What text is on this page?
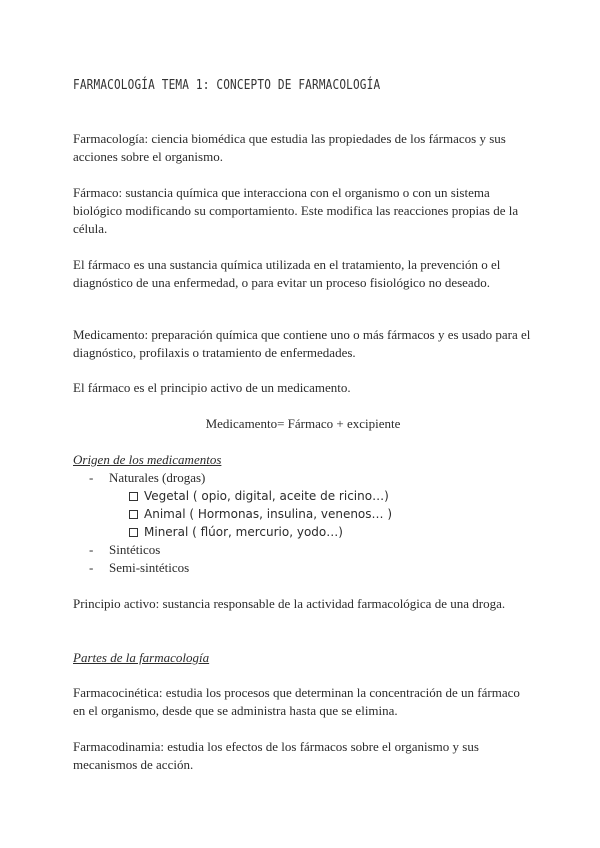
FARMACOLOGÍA TEMA 1: CONCEPTO DE FARMACOLOGÍA

Farmacología: ciencia biomédica que estudia las propiedades de los fármacos y sus acciones sobre el organismo.

Fármaco: sustancia química que interacciona con el organismo o con un sistema biológico modificando su comportamiento. Este modifica las reacciones propias de la célula.

El fármaco es una sustancia química utilizada en el tratamiento, la prevención o el diagnóstico de una enfermedad, o para evitar un proceso fisiológico no deseado.

Medicamento: preparación química que contiene uno o más fármacos y es usado para el diagnóstico, profilaxis o tratamiento de enfermedades.

El fármaco es el principio activo de un medicamento.

Medicamento= Fármaco + excipiente
Origen de los medicamentos
- Naturales (drogas)
Vegetal ( opio, digital, aceite de ricino…)
Animal ( Hormonas, insulina, venenos… )
Mineral ( flúor, mercurio, yodo…)
- Sintéticos
- Semi-sintéticos

Principio activo: sustancia responsable de la actividad farmacológica de una droga.

Partes de la farmacología

Farmacocinética: estudia los procesos que determinan la concentración de un fármaco en el organismo, desde que se administra hasta que se elimina.

Farmacodinamia: estudia los efectos de los fármacos sobre el organismo y sus mecanismos de acción.
